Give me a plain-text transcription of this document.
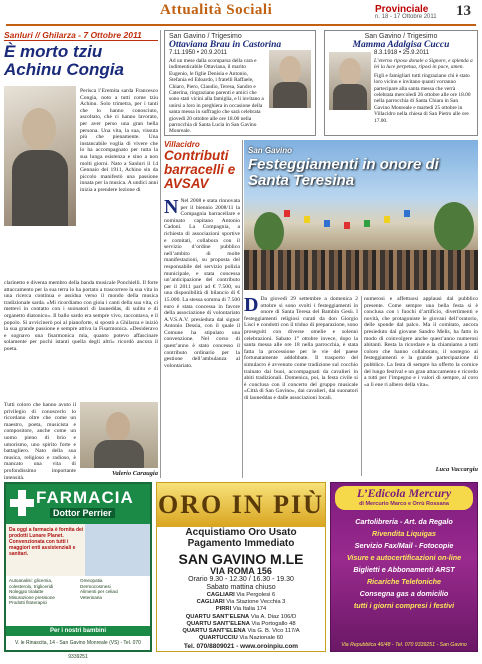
Attualità Sociali	Provinciale
n. 18 - 17 Ottobre 2011 13
Sanluri // Ghilarza - 7 Ottobre 2011
È morto tziu Achinu Congia
Perisca l’Eremita sarda Francesco Congia, noto a tutti come tziu Achinu. Solo trimetra, per i tanti che lo hanno conosciuto, ascoltato, che ci hanno lavorato, per aver perso una gran bella persona. Una vita, la sua, vissuta più che pienamente. Una instancabile voglia di vivere che lo ha accompagnato per tutta la sua lunga esistenza e sino a non molti giorni. Nato a Sanluri il 14 Gennaio del 1911, Achino sin da piccolo manifestò una passione innata per la musica. A undici anni inizia a prendere lezione di
clarinetto e diventa membro della banda musicale Ponchielli. Il forte attaccamento per la sua terra lo ha portato a trascorrere la sua vita in una ricerca continua e assidua verso il mondo della musica tradizionale sarda. «Mi ricordiamo con gioia i canti della sua vita, ci mettevi in contatto con i suonatori di launeddas, di sulitu e di organetto diatonico». Il ballo sardo era sempre vivo, raccontava, e il popolo. Si avvicinerò poi al pianoforte, si spostò a Ghilarza e iniziò la sua grande passione e sempre attiva la Fisarmonica. «Desideravo e sognavo una fisarmonica mia, quanto potevo affascinare solamente per pochi istanti quella degli altri» ricordò ancora il poeta.
Tutti coloro che hanno avuto il privilegio di conoscerlo lo ricordano oltre che come un maestro, poeta, musicista e compositore, anche come un uomo pieno di brio e umorismo, uno spirito forte e battagliero. Nato della sua musica, religioso e radioso, è mancato una vita di profondissimo importante intensità.
Valerio Caraugia
San Gavino / Trigesimo
Ottaviana Brau in Castorina
7.11.1950 • 20.9.2011
Ad un mese dalla scomparsa della cara e indimenticabile Ottaviana, il marito Eugenio, le figlie Denisia e Antonio, Stefania ed Edoardo, i fratelli Raffaele, Chiaro, Piero, Claudio, Teresa, Sandro e Caterina, ringraziano parenti e amici che sono stati vicini alla famiglia, e li invitano a unirsi a loro in preghiera in occasione della santa messa in suffragio che sarà celebrata giovedì 20 ottobre alle ore 18.00 nella parrocchia di Santa Lucia in San Gavino Monreale.
San Gavino / Trigesimo
Mamma Adalgisa Cuccu
8.3.1918 • 25.9.2011
L’eterno riposo donale o Signore, e splenda a lei la luce perpetua, riposi in pace, amen.
Figli e famigliari tutti ringraziano chi è stato loro vicino e invitano quanti vorranno partecipare alla santa messa che verrà celebrata mercoledì 26 ottobre alle ore 18.00 nella parrocchia di Santa Chiara in San Gavino Monreale e martedì 25 ottobre in Villacidro nella chiesa di San Pietro alle ore 17.00.
Villacidro
Contributi barracelli e AVSAV
N Nel 2008 e stata rinnovata per il biennio 2008/11 la Compagnia barracellare e nominato capitano Antonio Cadoni. La Compagnia, a richiesta di associazioni sportive e comitati, collabora con il servizio d’ordine pubblico nell’ambito di molte manifestazioni, su proposta del responsabile del servizio polizia municipale, e stata concessa un’anticipazione del contributo per il 2011 pari ad € 7.500, su una disponibilità di bilancio di € 15.000. La stessa somma di 7.500 euro è stata concessa in favore della associazione di volontariato A.V.S.A.V. presieduta dal signor Antonio Dessìa, con il quale il Comune ha stipulato una convenzione. Nel corso di quest’anno è stato concesso il contributo ordinario per la gestione dell’ambulanza al volontariato.
San Gavino
Festeggiamenti in onore di Santa Teresina
D Da giovedì 29 settembre a domenica 2 ottobre si sono svolti i festeggiamenti in onore di Santa Teresa del Bambin Gesù. I festeggiamenti religiosi curati da don Giorgio Lisci e condotti con il triduo di preparazione, sono proseguiti con diverse omelie e solenni celebrazioni. Sabato 1° ottobre invece, dopo la santa messa alle ore 18 nella parrocchia, è stata fatta la processione per le vie del paese fortunatamente addobbate. Il trasporto del simulacro è avvenuto come tradizione sul cocchio trainato dai buoi, accompagnati da cavalieri in abiti tradizionali. Domenica, poi, la festa civile si è conclusa con il concerto del gruppo musicale «Città di San Gavino», dai cavalieri, dai suonatori di launeddas e dalle associazioni locali.
numerosi e affettuosi applausi dal pubblico presente. Come sempre una bella festa si è conclusa con i fuochi d’artificio, divertimenti e novità, che protagoniste le giovani dell’oratorio, delle sponde dal palco. Ma il comitato, ancora presieduto dal giovane Sandro Melis, ha fatto in modo di coinvolgere anche quest’anno numerosi abitanti. Resta la ricordare e la chiamiamo a tutti coloro che hanno collaborato, il sostegno ai festeggiamenti e la grande partecipazione di pubblico. La festa di sempre ha offerto la cornice del lungo festival e un gran attaccamento e ricordo a tutti per l’impegno e i valori di sempre, al coro «a li ene ri albero della vita».
Luca Vaccargiu
FARMACIA
Dottor Perrier
Da oggi a farmacia è fornita dei prodotti Lunare Planet. Convenzionata con tutti i maggiori enti assistenziali e sanitari.
Autoanalisi: glicemia, colesterolo, trigliceridi
Noleggio tiralatte
Misurazione pressione
Prodotti fitoterapici
Omeopatia
Dermocosmesi
Alimenti per celiaci
Veterinaria
Per i nostri bambini
V. le Rinascita, 14 - San Gavino Monreale (VS) - Tel. 070 9339251
ORO IN PIÙ
Acquistiamo Oro Usato
Pagamento Immediato
SAN GAVINO M.LE
VIA ROMA 156
Orario 9.30 - 12.30 / 16.30 - 19.30
Sabato mattina chiuso
CAGLIARI Via Pergolesi 6
CAGLIARI Via Stazione Vecchia 3
PIRRI Via Italia 174
QUARTU SANT’ELENA Via A. Diaz 106/D
QUARTU SANT’ELENA Via Portogallo 48
QUARTU SANT’ELENA Via G. B. Vico 117/A
QUARTUCCIU Via Nazionale 60
Tel. 070/8809021 - www.oroinpiu.com
L’Edicola Mercury
di Mercurio Marco e Orrù Rossana
Cartolibreria - Art. da Regalo
Rivendita Liquigas
Servizio Fax/Mail - Fotocopie
Visure e autocertificazioni on-line
Biglietti e Abbonamenti ARST
Ricariche Telefoniche
Consegna gas a domicilio
tutti i giorni compresi i festivi
Via Repubblica 46/48 - Tel. 070 9339251 - San Gavino
